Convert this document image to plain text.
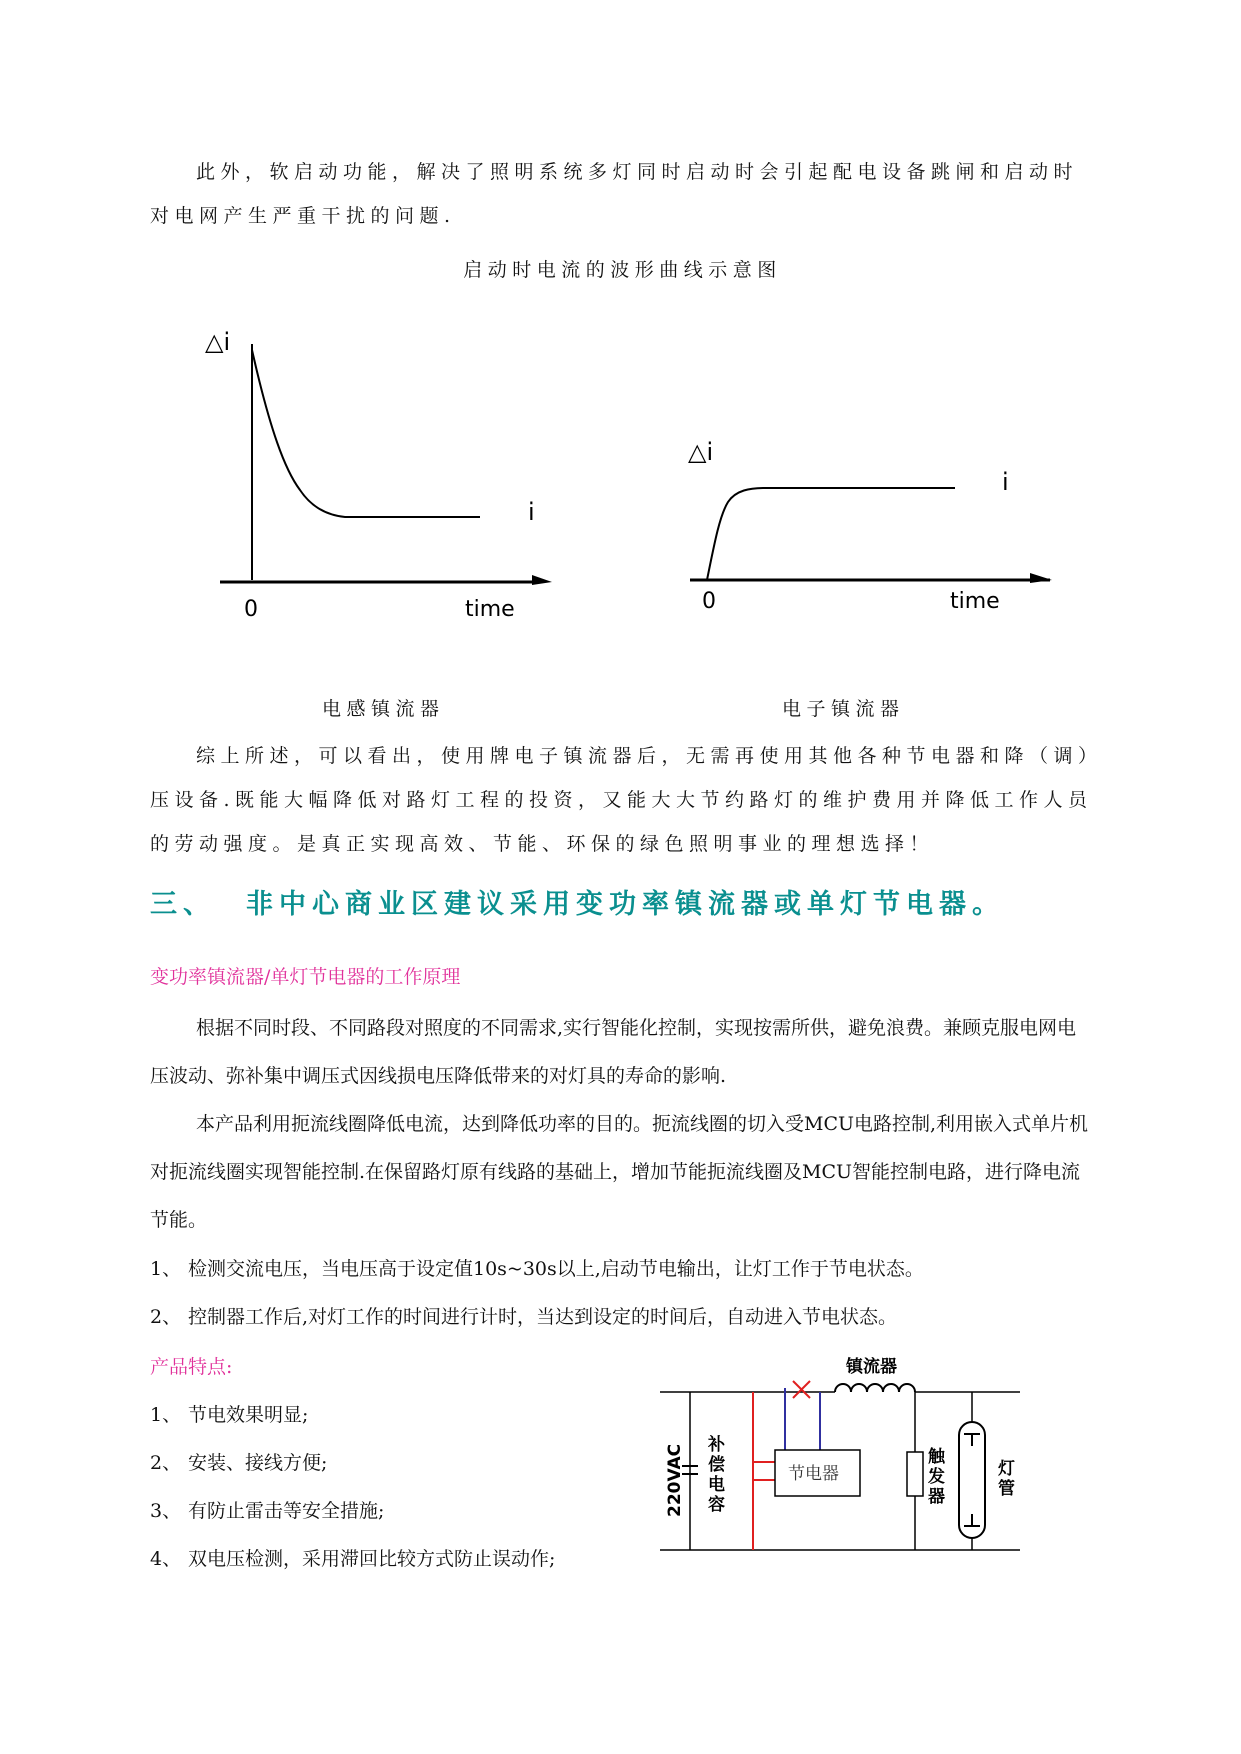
此外，软启动功能，解决了照明系统多灯同时启动时会引起配电设备跳闸和启动时对电网产生严重干扰的问题.
启动时电流的波形曲线示意图
△i
i
0	time
△i
i
0	time
电感镇流器	电子镇流器
综上所述，可以看出，使用牌电子镇流器后，无需再使用其他各种节电器和降（调）压设备.既能大幅降低对路灯工程的投资，又能大大节约路灯的维护费用并降低工作人员的劳动强度。是真正实现高效、节能、环保的绿色照明事业的理想选择！
三、 非中心商业区建议采用变功率镇流器或单灯节电器。
变功率镇流器/单灯节电器的工作原理
根据不同时段、不同路段对照度的不同需求,实行智能化控制，实现按需所供，避免浪费。兼顾克服电网电压波动、弥补集中调压式因线损电压降低带来的对灯具的寿命的影响.
本产品利用扼流线圈降低电流，达到降低功率的目的。扼流线圈的切入受MCU电路控制,利用嵌入式单片机对扼流线圈实现智能控制.在保留路灯原有线路的基础上，增加节能扼流线圈及MCU智能控制电路，进行降电流节能。
1、 检测交流电压，当电压高于设定值10s~30s以上,启动节电输出，让灯工作于节电状态。
2、 控制器工作后,对灯工作的时间进行计时，当达到设定的时间后，自动进入节电状态。
产品特点:
1、 节电效果明显;
2、 安装、接线方便;
3、 有防止雷击等安全措施;
4、 双电压检测，采用滞回比较方式防止误动作;
镇流器
节电器
220VAC 补
偿
电
容
触
发
器
灯
管
